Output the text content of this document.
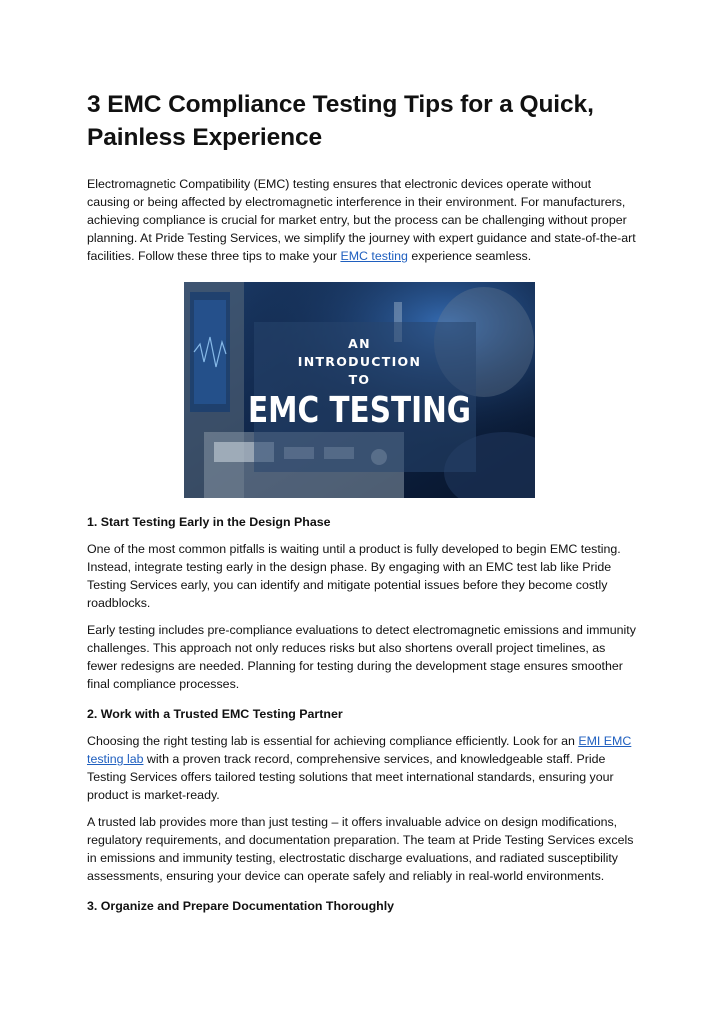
3 EMC Compliance Testing Tips for a Quick, Painless Experience

Electromagnetic Compatibility (EMC) testing ensures that electronic devices operate without causing or being affected by electromagnetic interference in their environment. For manufacturers, achieving compliance is crucial for market entry, but the process can be challenging without proper planning. At Pride Testing Services, we simplify the journey with expert guidance and state-of-the-art facilities. Follow these three tips to make your EMC testing experience seamless.

AN
INTRODUCTION
TO
EMC TESTING

1. Start Testing Early in the Design Phase

One of the most common pitfalls is waiting until a product is fully developed to begin EMC testing. Instead, integrate testing early in the design phase. By engaging with an EMC test lab like Pride Testing Services early, you can identify and mitigate potential issues before they become costly roadblocks.

Early testing includes pre-compliance evaluations to detect electromagnetic emissions and immunity challenges. This approach not only reduces risks but also shortens overall project timelines, as fewer redesigns are needed. Planning for testing during the development stage ensures smoother final compliance processes.

2. Work with a Trusted EMC Testing Partner

Choosing the right testing lab is essential for achieving compliance efficiently. Look for an EMI EMC testing lab with a proven track record, comprehensive services, and knowledgeable staff. Pride Testing Services offers tailored testing solutions that meet international standards, ensuring your product is market-ready.

A trusted lab provides more than just testing – it offers invaluable advice on design modifications, regulatory requirements, and documentation preparation. The team at Pride Testing Services excels in emissions and immunity testing, electrostatic discharge evaluations, and radiated susceptibility assessments, ensuring your device can operate safely and reliably in real-world environments.

3. Organize and Prepare Documentation Thoroughly
